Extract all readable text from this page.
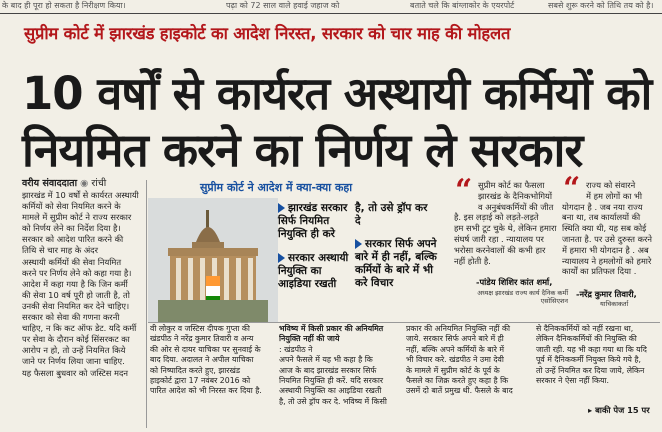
के बाद ही पूरा हो सकता है निरीक्षण किया।	पढ़ा को 72 साल वाले हवाई जहाज को	बताते चले कि बांग्लाकोर के एयरपोर्ट	सबसे शुरू करने को तिथि तय को है।
सुप्रीम कोर्ट में झारखंड हाइकोर्ट का आदेश निरस्त, सरकार को चार माह की मोहलत
10 वर्षों से कार्यरत अस्थायी कर्मियों को
नियमित करने का निर्णय ले सरकार
वरीय संवाददाता ◉ रांची

झारखंड में 10 वर्षों से कार्यरत अस्थायी

कर्मियों को सेवा नियमित करने के

मामले में सुप्रीम कोर्ट ने राज्य सरकार

को निर्णय लेने का निर्देश दिया है।

सरकार को आदेश पारित करने की

तिथि से चार माह के अंदर

अस्थायी कर्मियों की सेवा नियमित

करने पर निर्णय लेने को कहा गया है।

आदेश में कहा गया है कि जिन कर्मी

की सेवा 10 वर्ष पूरी हो जाती है, तो

उनकी सेवा नियमित कर देने चाहिए।

सरकार को सेवा की गणना करनी

चाहिए, न कि कट ऑफ डेट. यदि कर्मी

पर सेवा के दौरान कोई सिंसरकट का

आरोप न हो, तो उन्हें नियमित किये

जाने पर निर्णय लिया जाना चाहिए.

यह फैसला बुधवार को जस्टिस मदन

सुप्रीम कोर्ट ने आदेश में क्या-क्या कहा
झारखंड सरकार सिर्फ नियमित नियुक्ति ही करे
है, तो उसे ड्रॉप कर दे
सरकार अस्थायी नियुक्ति का आइडिया रखती
सरकार सिर्फ अपने बारे में ही नहीं, बल्कि कर्मियों के बारे में भी करे विचार
“ सुप्रीम कोर्ट का फैसला
झारखंड के दैनिकभोगियों
व अनुबंधकर्मियों की जीत
है. इस लड़ाई को लड़ते-लड़ते
हम सभी टूट चुके थे, लेकिन हमारा
संघर्ष जारी रहा . न्यायालय पर
भरोसा करनेवालों की कभी हार
नहीं होती है.
-पांडेय शिशिर कांत शर्मा,
अध्यक्ष झारखंड राज्य कार्य दैनिक कर्मी एसोसिएशन
“ राज्य को संवारने
में हम लोगों का भी
योगदान है . जब नया राज्य
बना था, तब कार्यालयों की
स्थिति क्या थी, यह सब कोई
जानता है. पर उसे दुरुस्त करने
में हमारा भी योगदान है . अब
न्यायालय ने हमलोगों को हमारे
कार्यों का प्रतिफल दिया .
-नरेंद्र कुमार तिवारी,
याचिकाकर्ता

वी लोकुर व जस्टिस दीपक गुप्ता की

खंडपीठ ने नरेंद्र कुमार तिवारी व अन्य

की ओर से दायर याचिका पर सुनवाई के

बाद दिया. अदालत ने अपील याचिका

को निष्पादित करते हुए, झारखंड

हाइकोर्ट द्वारा 17 नवंबर 2016 को

पारित आदेश को भी निरस्त कर दिया है.

भविष्य में किसी प्रकार की अनियमित नियुक्ति नहीं की जाये

: खंडपीठ ने

अपने फैसले में यह भी कहा है कि

आज के बाद झारखंड सरकार सिर्फ

नियमित नियुक्ति ही करें. यदि सरकार

अस्थायी नियुक्ति का आइडिया रखती

है, तो उसे ड्रॉप कर दे. भविष्य में किसी

प्रकार की अनियमित नियुक्ति नहीं की

जाये. सरकार सिर्फ अपने बारे में ही

नहीं, बल्कि अपने कर्मियों के बारे में

भी विचार करे. खंडपीठ ने उमा देवी

के मामले में सुप्रीम कोर्ट के पूर्व के

फैसले का जिक्र करते हुए कहा है कि

उसमें दो बातें प्रमुख थी. फैसले के बाद

से दैनिककर्मियों को नहीं रखना था,

लेकिन दैनिककर्मियों की नियुक्ति की

जाती रही. यह भी कहा गया था कि यदि

पूर्व में दैनिककर्मी नियुक्त किये गये है,

तो उन्हें नियमित कर दिया जाये, लेकिन

सरकार ने ऐसा नहीं किया.

▸ बाकी पेज 15 पर
